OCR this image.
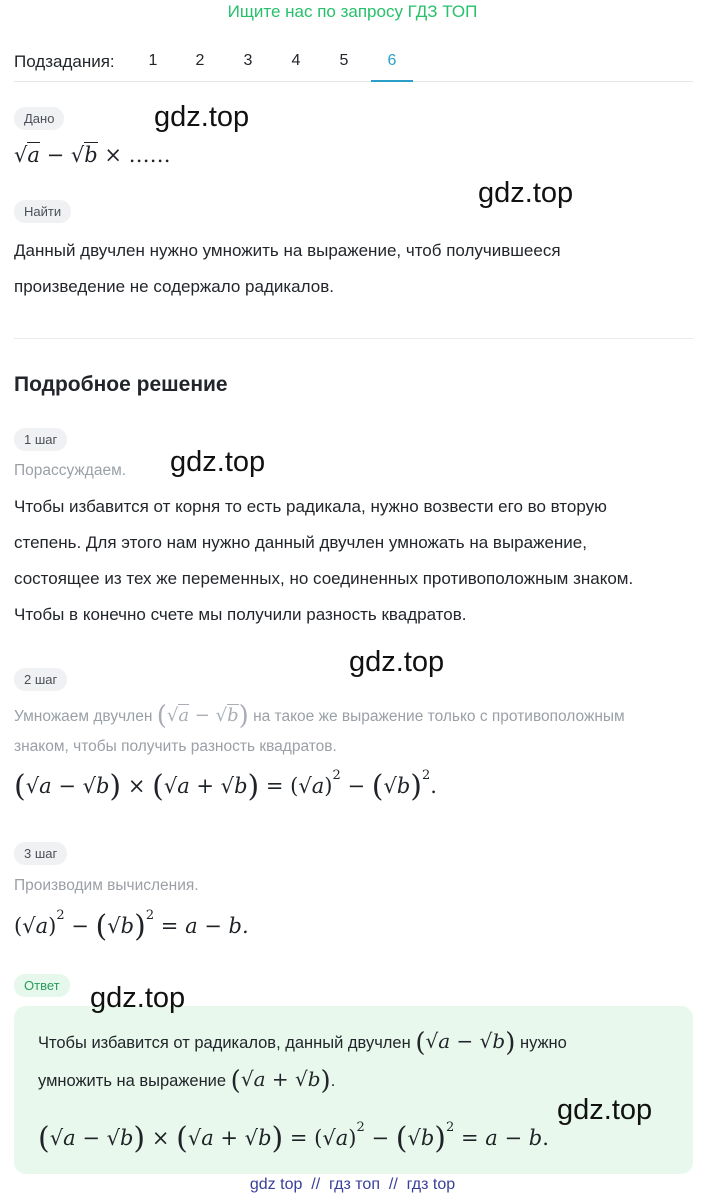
Ищите нас по запросу ГДЗ ТОП
Подзадания:	1	2	3	4	5	6
Дано
√a − √b × ……
Найти
Данный двучлен нужно умножить на выражение, чтоб получившееся
произведение не содержало радикалов.
Подробное решение
1 шаг
Порассуждаем.
Чтобы избавится от корня то есть радикала, нужно возвести его во вторую
степень. Для этого нам нужно данный двучлен умножать на выражение,
состоящее из тех же переменных, но соединенных противоположным знаком.
Чтобы в конечно счете мы получили разность квадратов.
2 шаг
Умножаем двучлен (√a − √b) на такое же выражение только с противоположным
знаком, чтобы получить разность квадратов.
$(√a - √b) \times (√a + √b) = (√a)^2 - (√b)^2$.
3 шаг
Производим вычисления.
$(√a)^2 - (√b)^2 = a - b$.
Ответ
Чтобы избавится от радикалов, данный двучлен (√a − √b) нужно
умножить на выражение (√a + √b).
$(√a - √b) \times (√a + √b) = (√a)^2 - (√b)^2 = a - b$.
gdz.top
gdz.top
gdz.top
gdz.top
gdz.top
gdz.top
gdz top  //  гдз топ  //  гдз top
